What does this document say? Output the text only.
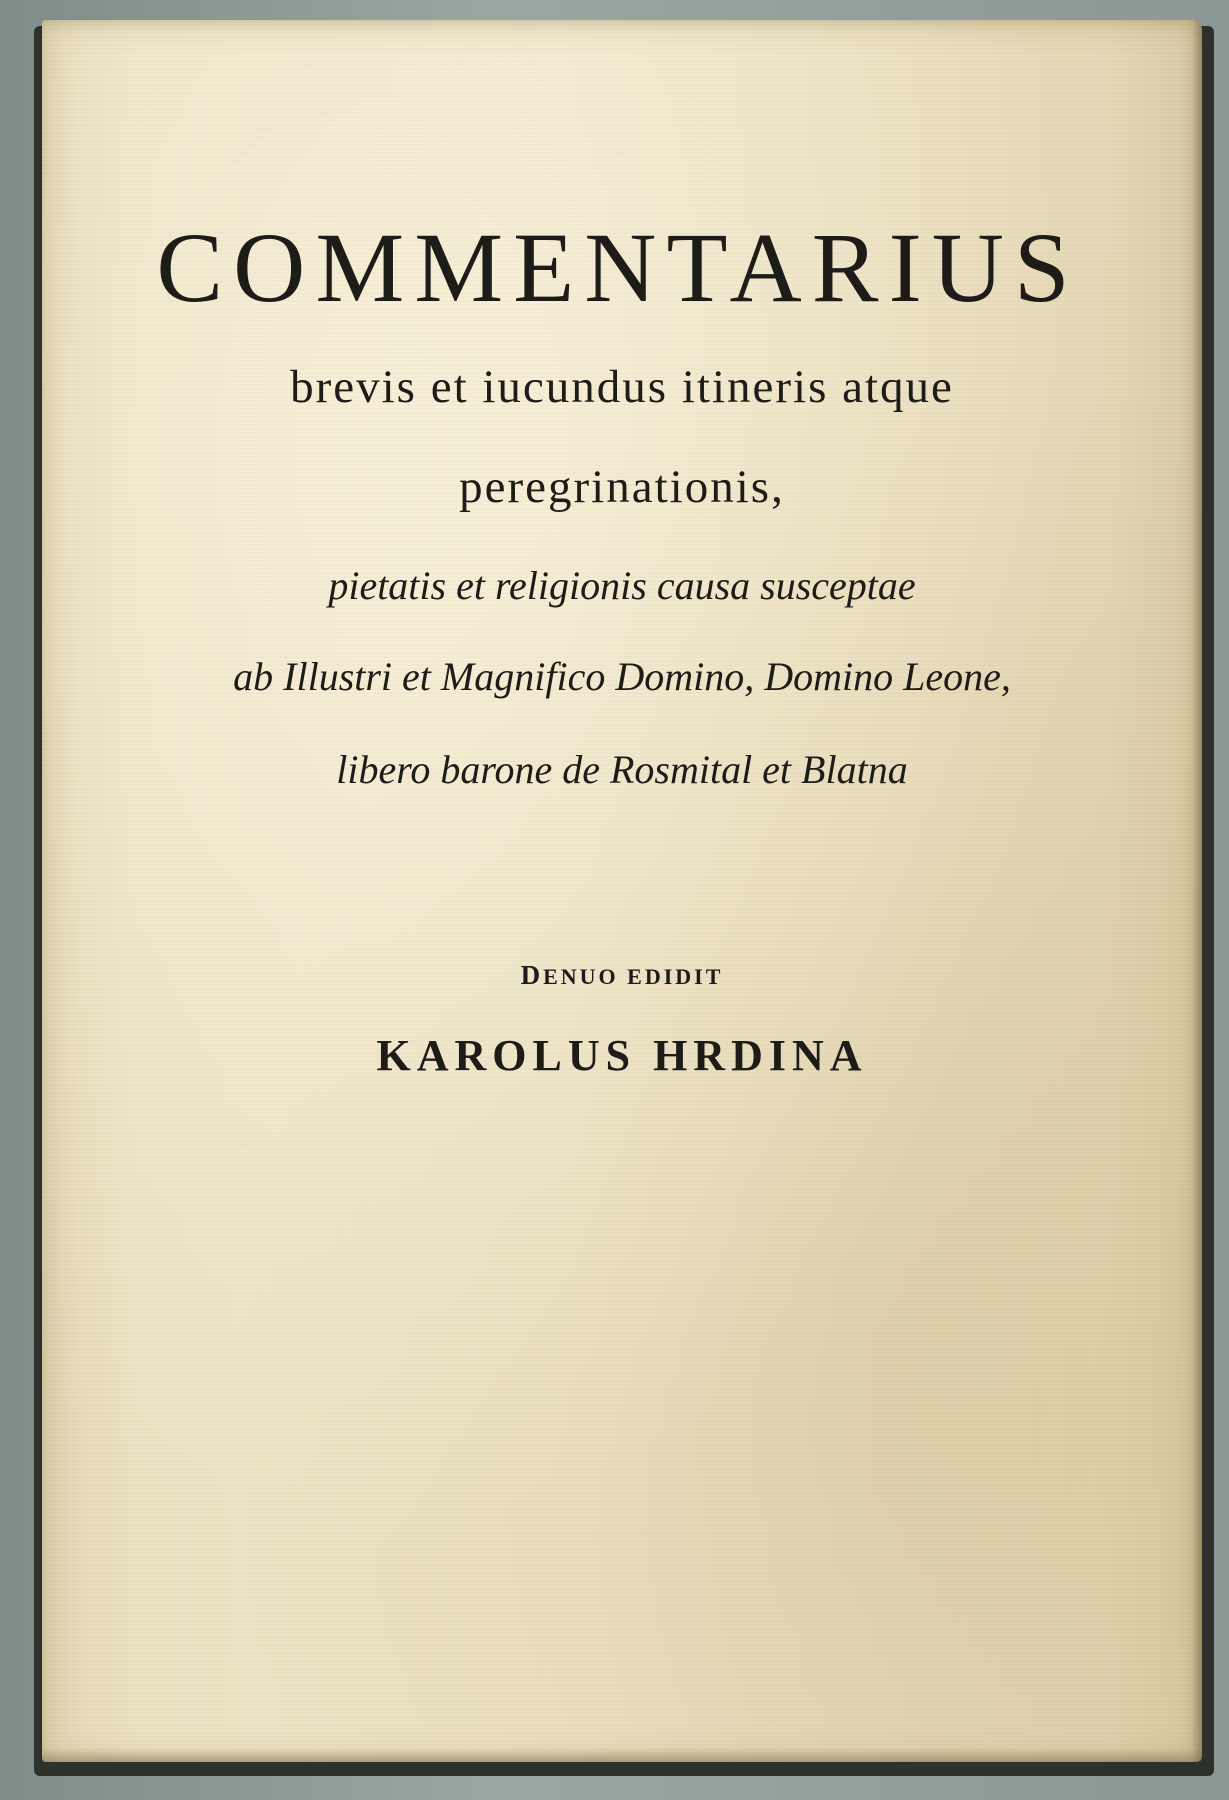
COMMENTARIUS
brevis et iucundus itineris atque
peregrinationis,
pietatis et religionis causa susceptae
ab Illustri et Magnifico Domino, Domino Leone,
libero barone de Rosmital et Blatna
DENUO EDIDIT
KAROLUS HRDINA
